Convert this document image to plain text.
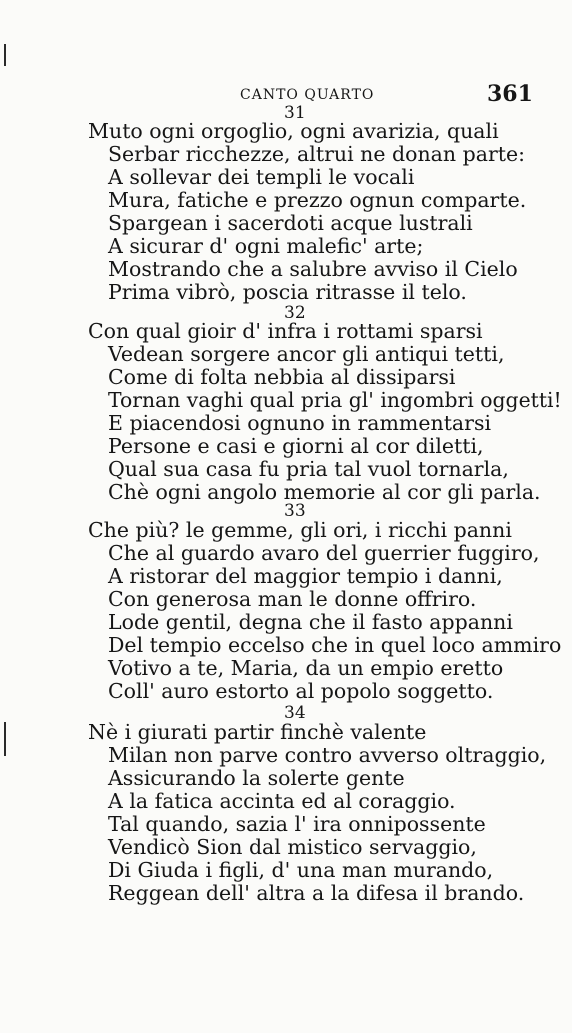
CANTO QUARTO	361
31
Muto ogni orgoglio, ogni avarizia, quali
Serbar ricchezze, altrui ne donan parte:
A sollevar dei templi le vocali
Mura, fatiche e prezzo ognun comparte.
Spargean i sacerdoti acque lustrali
A sicurar d' ogni malefic' arte;
Mostrando che a salubre avviso il Cielo
Prima vibrò, poscia ritrasse il telo.
32
Con qual gioir d' infra i rottami sparsi
Vedean sorgere ancor gli antiqui tetti,
Come di folta nebbia al dissiparsi
Tornan vaghi qual pria gl' ingombri oggetti!
E piacendosi ognuno in rammentarsi
Persone e casi e giorni al cor diletti,
Qual sua casa fu pria tal vuol tornarla,
Chè ogni angolo memorie al cor gli parla.
33
Che più? le gemme, gli ori, i ricchi panni
Che al guardo avaro del guerrier fuggiro,
A ristorar del maggior tempio i danni,
Con generosa man le donne offriro.
Lode gentil, degna che il fasto appanni
Del tempio eccelso che in quel loco ammiro
Votivo a te, Maria, da un empio eretto
Coll' auro estorto al popolo soggetto.
34
Nè i giurati partir finchè valente
Milan non parve contro avverso oltraggio,
Assicurando la solerte gente
A la fatica accinta ed al coraggio.
Tal quando, sazia l' ira onnipossente
Vendicò Sion dal mistico servaggio,
Di Giuda i figli, d' una man murando,
Reggean dell' altra a la difesa il brando.
